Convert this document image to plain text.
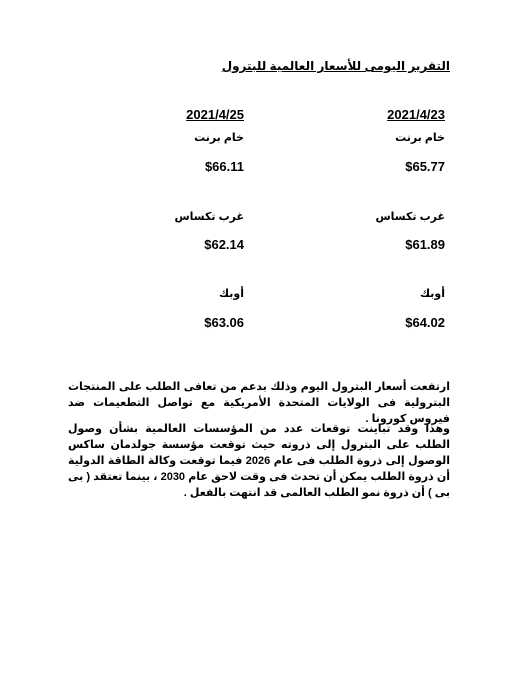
التقرير اليومى للأسعار العالمية للبترول
2021/4/23
خام برنت
$65.77
غرب تكساس
$61.89
أوبك
$64.02
2021/4/25
خام برنت
$66.11
غرب تكساس
$62.14
أوبك
$63.06

ارتفعت أسعار البترول اليوم وذلك بدعم من تعافى الطلب على المنتجات البترولية فى الولايات المتحدة الأمريكية مع تواصل التطعيمات ضد فيروس كورونا .

وهذا وقد تباينت توقعات عدد من المؤسسات العالمية بشأن وصول الطلب على البترول إلى ذروته حيث توقعت مؤسسة جولدمان ساكس الوصول إلى ذروة الطلب فى عام 2026 فيما توقعت وكالة الطاقة الدولية أن ذروة الطلب يمكن أن تحدث فى وقت لاحق عام 2030 ، بينما تعتقد ( بى بى ) أن ذروة نمو الطلب العالمى قد انتهت بالفعل .
